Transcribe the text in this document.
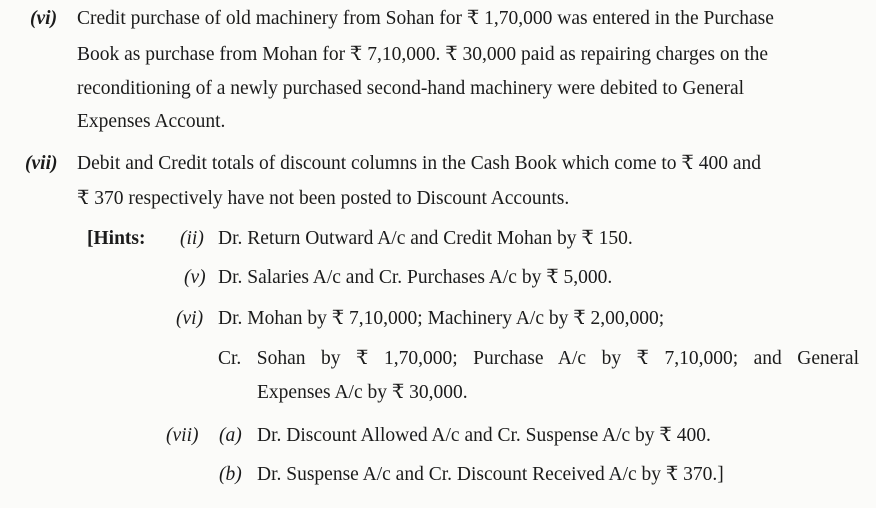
(vi) Credit purchase of old machinery from Sohan for ₹ 1,70,000 was entered in the Purchase
Book as purchase from Mohan for ₹ 7,10,000. ₹ 30,000 paid as repairing charges on the
reconditioning of a newly purchased second-hand machinery were debited to General
Expenses Account.
(vii) Debit and Credit totals of discount columns in the Cash Book which come to ₹ 400 and
₹ 370 respectively have not been posted to Discount Accounts.
[Hints: (ii) Dr. Return Outward A/c and Credit Mohan by ₹ 150.
(v) Dr. Salaries A/c and Cr. Purchases A/c by ₹ 5,000.
(vi) Dr. Mohan by ₹ 7,10,000; Machinery A/c by ₹ 2,00,000;
Cr. Sohan by ₹ 1,70,000; Purchase A/c by ₹ 7,10,000; and General
Expenses A/c by ₹ 30,000.
(vii) (a) Dr. Discount Allowed A/c and Cr. Suspense A/c by ₹ 400.
(b) Dr. Suspense A/c and Cr. Discount Received A/c by ₹ 370.]
